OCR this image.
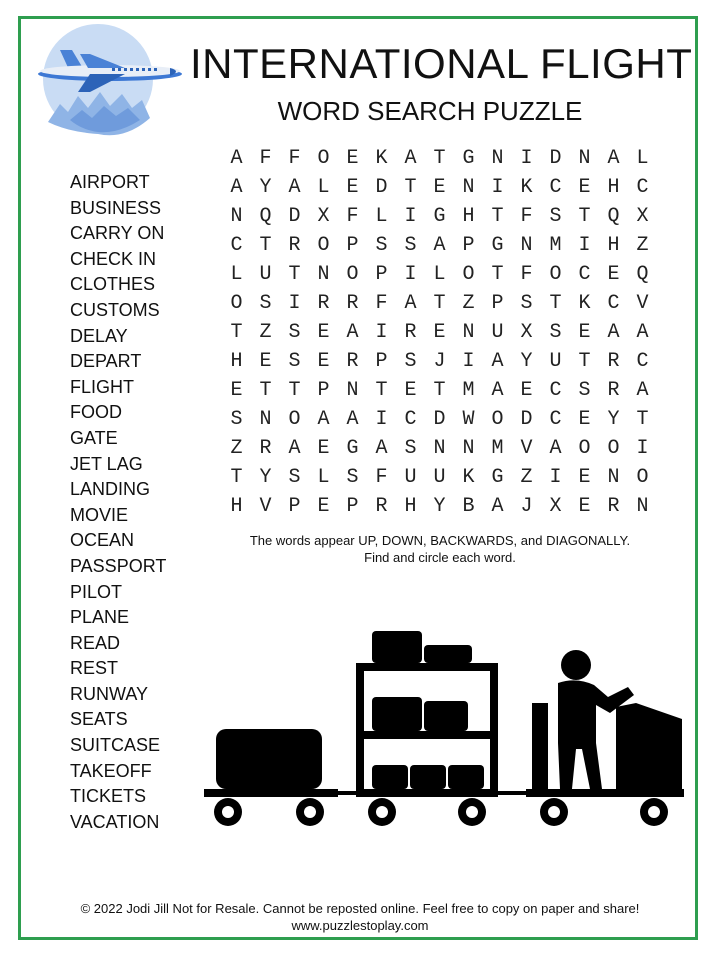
INTERNATIONAL FLIGHT
WORD SEARCH PUZZLE
AIRPORT
BUSINESS
CARRY ON
CHECK IN
CLOTHES
CUSTOMS
DELAY
DEPART
FLIGHT
FOOD
GATE
JET LAG
LANDING
MOVIE
OCEAN
PASSPORT
PILOT
PLANE
READ
REST
RUNWAY
SEATS
SUITCASE
TAKEOFF
TICKETS
VACATION
A F F O E K A T G N I D N A L
A Y A L E D T E N I K C E H C
N Q D X F L I G H T F S T Q X
C T R O P S S A P G N M I H Z
L U T N O P I L O T F O C E Q
O S I R R F A T Z P S T K C V
T Z S E A I R E N U X S E A A
H E S E R P S J I A Y U T R C
E T T P N T E T M A E C S R A
S N O A A I C D W O D C E Y T
Z R A E G A S N N M V A O O I
T Y S L S F U U K G Z I E N O
H V P E P R H Y B A J X E R N
The words appear UP, DOWN, BACKWARDS, and DIAGONALLY.
Find and circle each word.
© 2022 Jodi Jill Not for Resale. Cannot be reposted online. Feel free to copy on paper and share!
www.puzzlestoplay.com
